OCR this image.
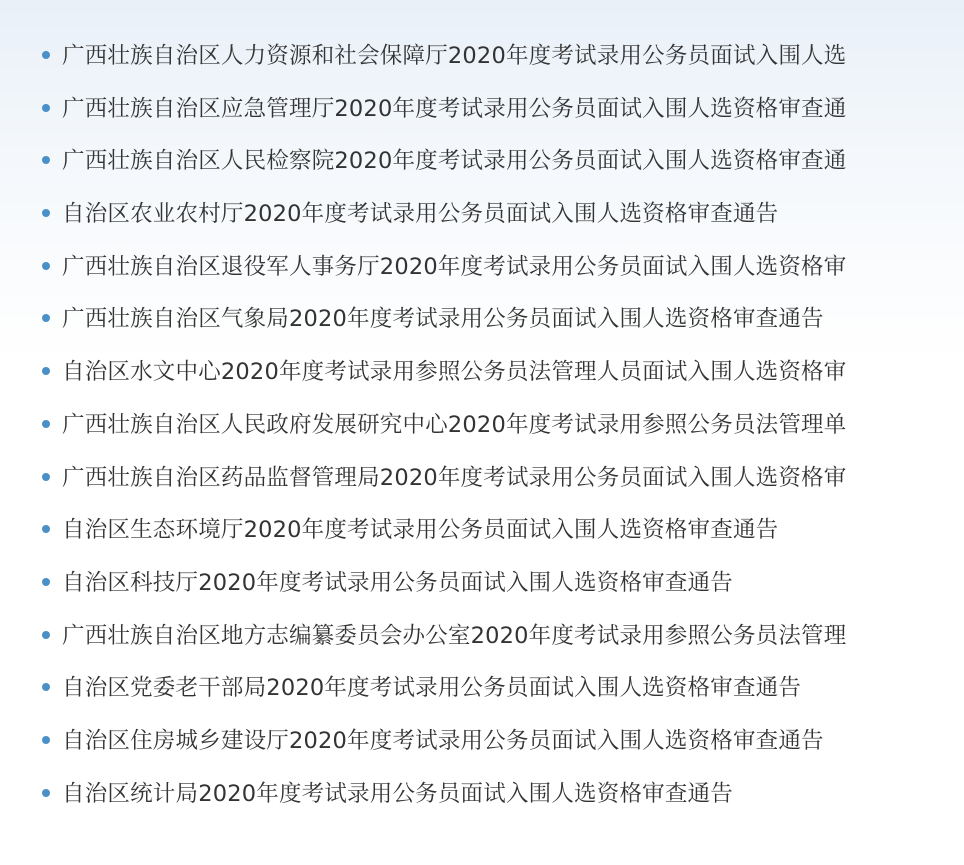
广西壮族自治区人力资源和社会保障厅2020年度考试录用公务员面试入围人选
广西壮族自治区应急管理厅2020年度考试录用公务员面试入围人选资格审查通
广西壮族自治区人民检察院2020年度考试录用公务员面试入围人选资格审查通
自治区农业农村厅2020年度考试录用公务员面试入围人选资格审查通告
广西壮族自治区退役军人事务厅2020年度考试录用公务员面试入围人选资格审
广西壮族自治区气象局2020年度考试录用公务员面试入围人选资格审查通告
自治区水文中心2020年度考试录用参照公务员法管理人员面试入围人选资格审
广西壮族自治区人民政府发展研究中心2020年度考试录用参照公务员法管理单
广西壮族自治区药品监督管理局2020年度考试录用公务员面试入围人选资格审
自治区生态环境厅2020年度考试录用公务员面试入围人选资格审查通告
自治区科技厅2020年度考试录用公务员面试入围人选资格审查通告
广西壮族自治区地方志编纂委员会办公室2020年度考试录用参照公务员法管理
自治区党委老干部局2020年度考试录用公务员面试入围人选资格审查通告
自治区住房城乡建设厅2020年度考试录用公务员面试入围人选资格审查通告
自治区统计局2020年度考试录用公务员面试入围人选资格审查通告
